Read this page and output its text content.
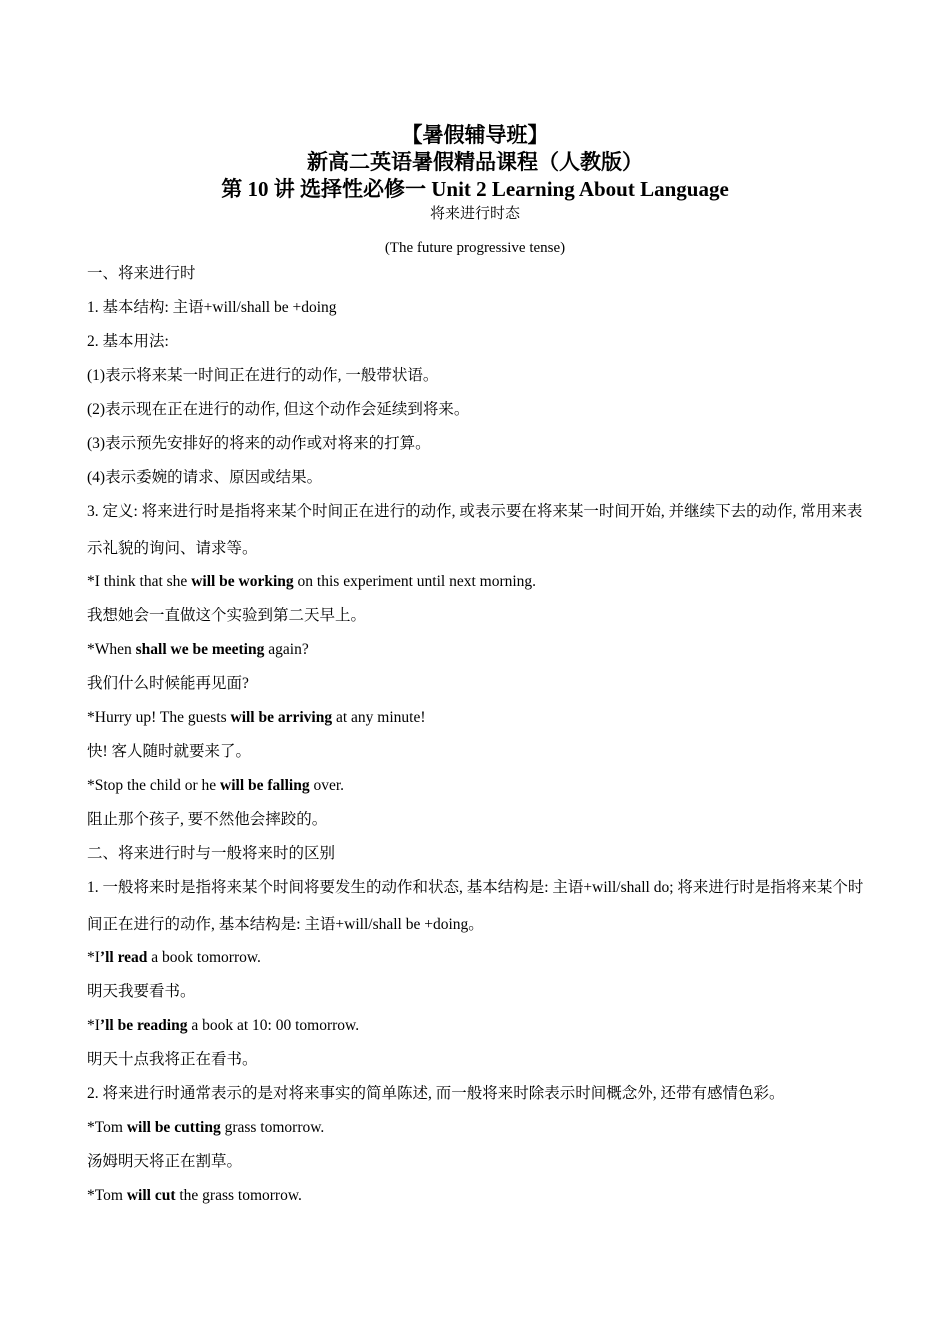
【暑假辅导班】
新高二英语暑假精品课程（人教版）
第 10 讲 选择性必修一 Unit 2 Learning About Language
将来进行时态
(The future progressive tense)
一、将来进行时
1. 基本结构: 主语+will/shall be +doing
2. 基本用法:
(1)表示将来某一时间正在进行的动作, 一般带状语。
(2)表示现在正在进行的动作, 但这个动作会延续到将来。
(3)表示预先安排好的将来的动作或对将来的打算。
(4)表示委婉的请求、原因或结果。
3. 定义: 将来进行时是指将来某个时间正在进行的动作, 或表示要在将来某一时间开始, 并继续下去的动作, 常用来表示礼貌的询问、请求等。
*I think that she will be working on this experiment until next morning.
我想她会一直做这个实验到第二天早上。
*When shall we be meeting again?
我们什么时候能再见面?
*Hurry up! The guests will be arriving at any minute!
快! 客人随时就要来了。
*Stop the child or he will be falling over.
阻止那个孩子, 要不然他会摔跤的。
二、将来进行时与一般将来时的区别
1. 一般将来时是指将来某个时间将要发生的动作和状态, 基本结构是: 主语+will/shall do; 将来进行时是指将来某个时间正在进行的动作, 基本结构是: 主语+will/shall be +doing。
*I’ll read a book tomorrow.
明天我要看书。
*I’ll be reading a book at 10: 00 tomorrow.
明天十点我将正在看书。
2. 将来进行时通常表示的是对将来事实的简单陈述, 而一般将来时除表示时间概念外, 还带有感情色彩。
*Tom will be cutting grass tomorrow.
汤姆明天将正在割草。
*Tom will cut the grass tomorrow.
